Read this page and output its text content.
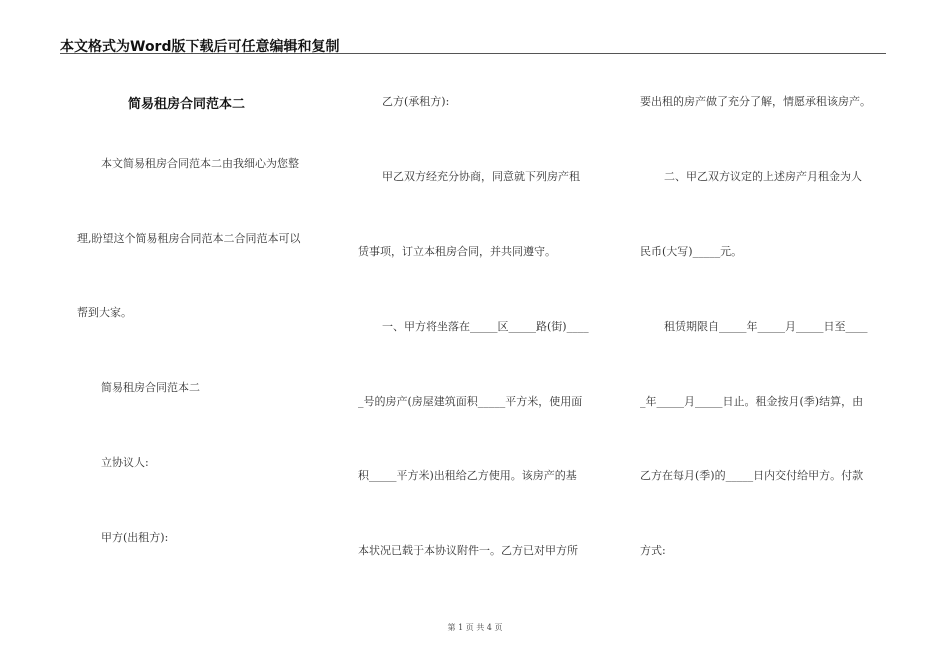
本文格式为Word版下载后可任意编辑和复制
简易租房合同范本二

本文简易租房合同范本二由我细心为您整

理,盼望这个简易租房合同范本二合同范本可以

帮到大家。

简易租房合同范本二

立协议人:

甲方(出租方):

乙方(承租方):

甲乙双方经充分协商，同意就下列房产租

赁事项，订立本租房合同，并共同遵守。

一、甲方将坐落在_____区_____路(街)____

_号的房产(房屋建筑面积_____平方米，使用面

积_____平方米)出租给乙方使用。该房产的基

本状况已载于本协议附件一。乙方已对甲方所

要出租的房产做了充分了解，情愿承租该房产。

二、甲乙双方议定的上述房产月租金为人

民币(大写)_____元。

租赁期限自_____年_____月_____日至____

_年_____月_____日止。租金按月(季)结算，由

乙方在每月(季)的_____日内交付给甲方。付款

方式:

第 1 页 共 4 页
